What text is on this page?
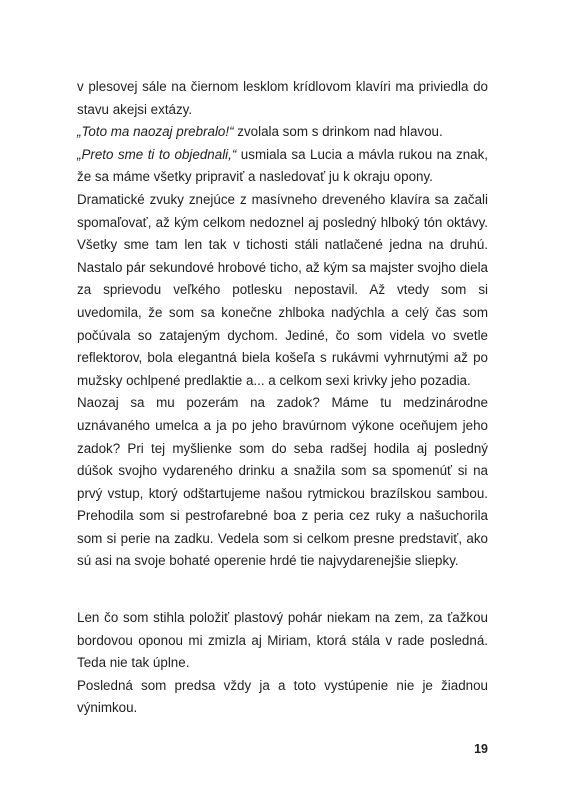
v plesovej sále na čiernom lesklom krídlovom klavíri ma priviedla do stavu akejsi extázy.

„Toto ma naozaj prebralo!“ zvolala som s drinkom nad hlavou.

„Preto sme ti to objednali,“ usmiala sa Lucia a mávla rukou na znak, že sa máme všetky pripraviť a nasledovať ju k okraju opony.

Dramatické zvuky znejúce z masívneho dreveného klavíra sa začali spomaľovať, až kým celkom nedoznel aj posledný hlboký tón oktávy. Všetky sme tam len tak v tichosti stáli natlačené jedna na druhú. Nastalo pár sekundové hrobové ticho, až kým sa majster svojho diela za sprievodu veľkého potlesku nepostavil. Až vtedy som si uvedomila, že som sa konečne zhlboka nadýchla a celý čas som počúvala so zatajeným dychom. Jediné, čo som videla vo svetle reflektorov, bola elegantná biela košeľa s rukávmi vyhrnutými až po mužsky ochlpené predlaktie a... a celkom sexi krivky jeho pozadia.

Naozaj sa mu pozerám na zadok? Máme tu medzinárodne uznávaného umelca a ja po jeho bravúrnom výkone oceňujem jeho zadok? Pri tej myšlienke som do seba radšej hodila aj posledný dúšok svojho vydareného drinku a snažila som sa spomenúť si na prvý vstup, ktorý odštartujeme našou rytmickou brazílskou sambou. Prehodila som si pestrofarebné boa z peria cez ruky a našuchorila som si perie na zadku. Vedela som si celkom presne predstaviť, ako sú asi na svoje bohaté operenie hrdé tie najvydarenejšie sliepky.

Len čo som stihla položiť plastový pohár niekam na zem, za ťažkou bordovou oponou mi zmizla aj Miriam, ktorá stála v rade posledná. Teda nie tak úplne.

Posledná som predsa vždy ja a toto vystúpenie nie je žiadnou výnimkou.

19
